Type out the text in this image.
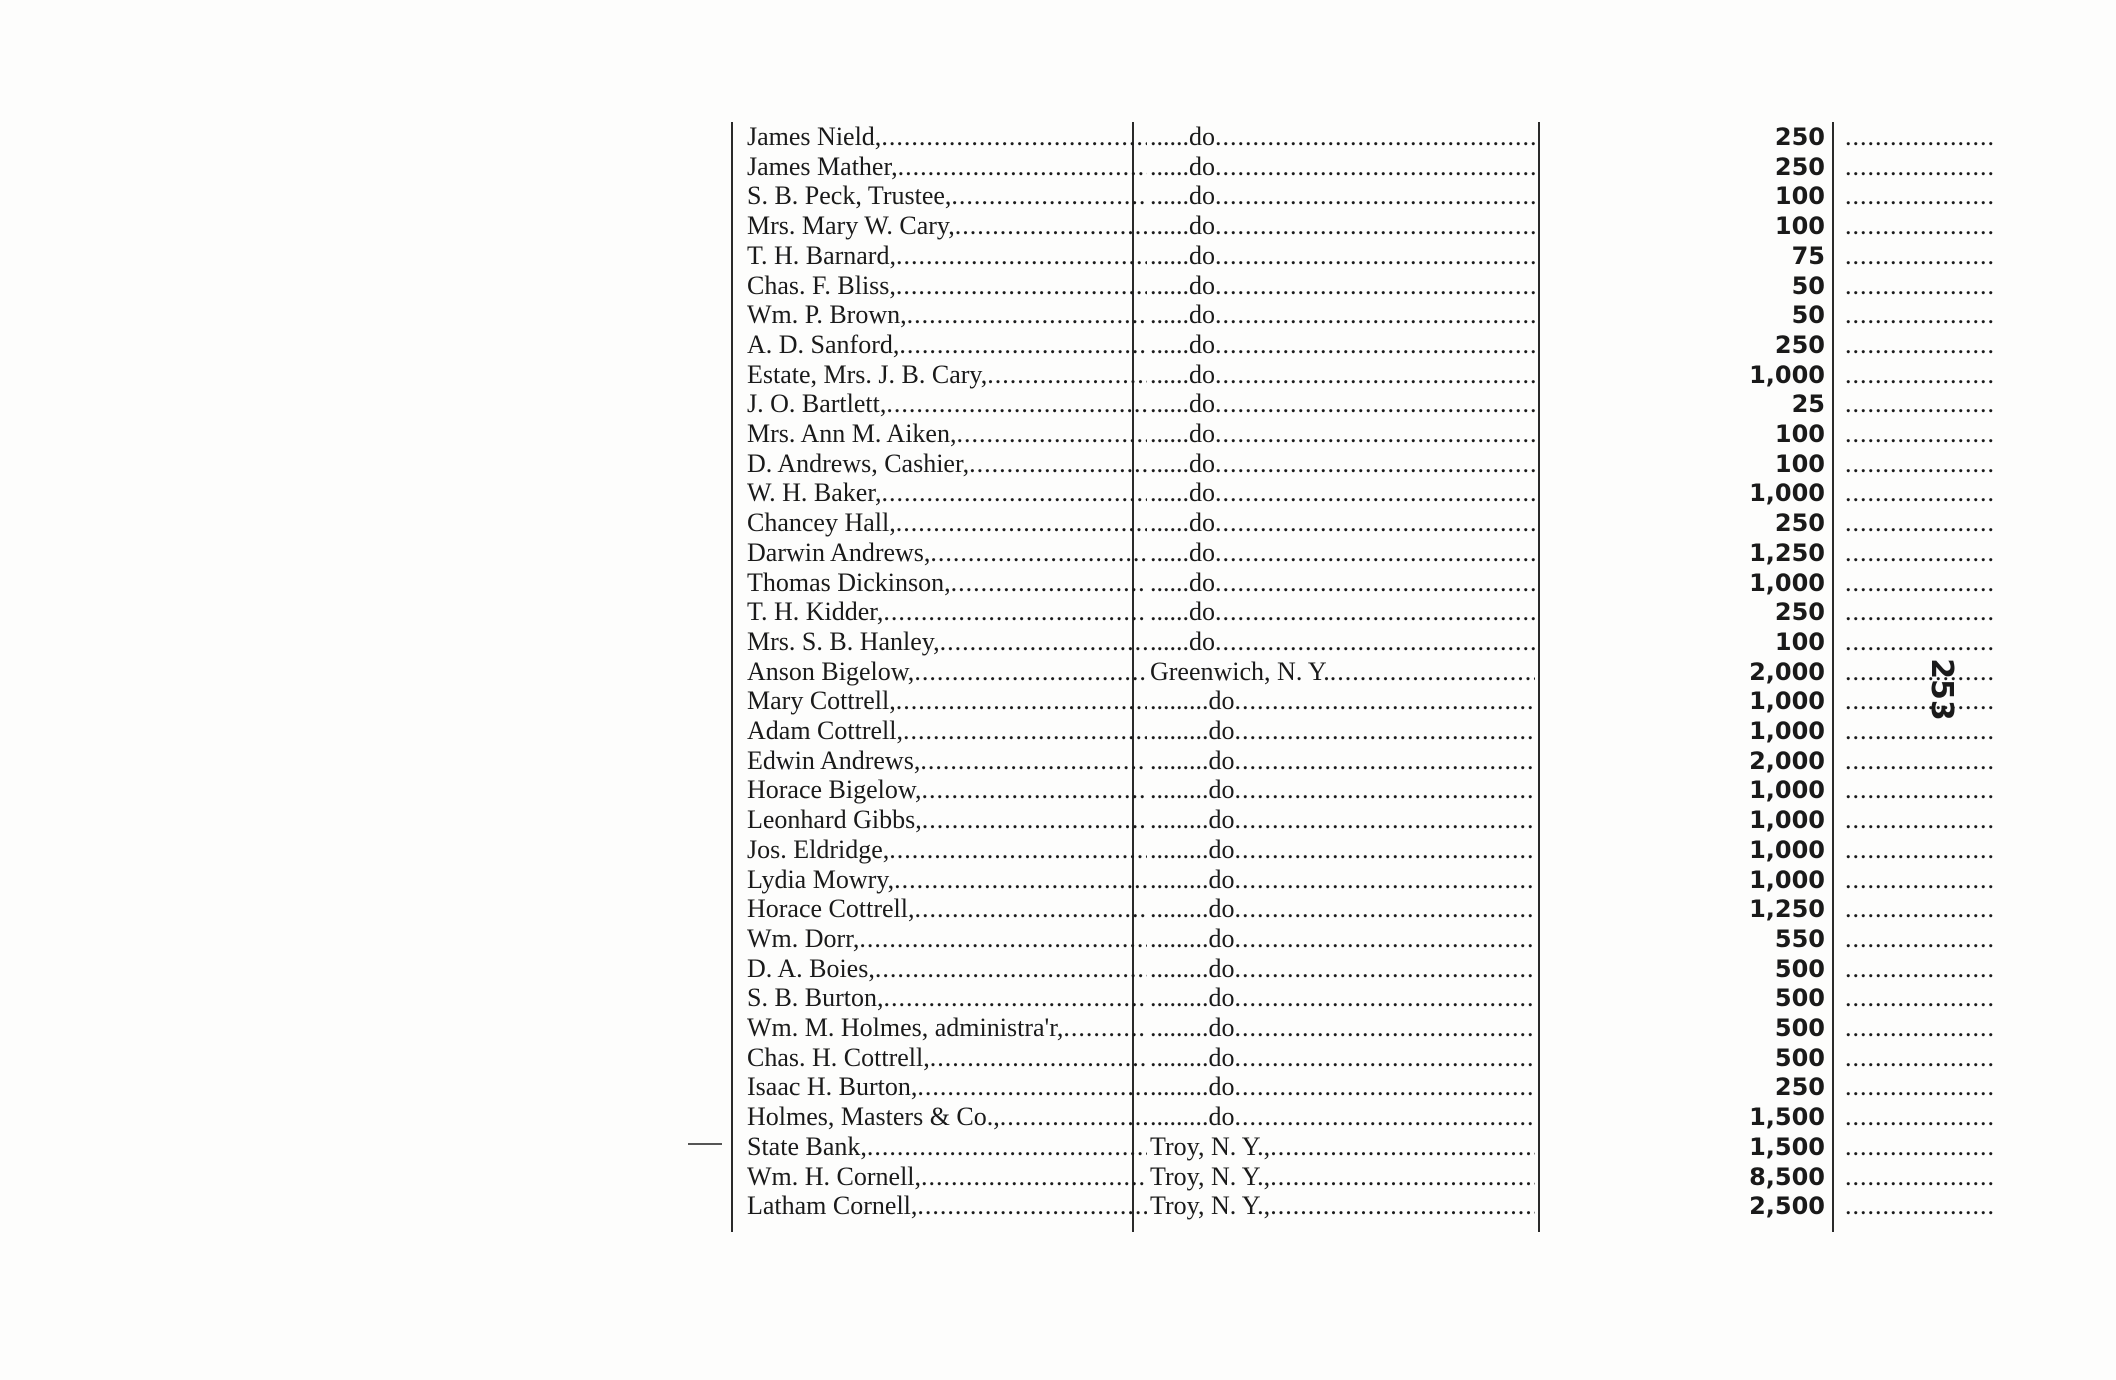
James Nield, .....	......do .....	250
.....
James Mather, .....	......do .....	250
.....
S. B. Peck, Trustee, .....	......do .....	100
.....
Mrs. Mary W. Cary, .....	......do .....	100
.....
T. H. Barnard, .....	......do .....	75
.....
Chas. F. Bliss, .....	......do .....	50
.....
Wm. P. Brown, .....	......do .....	50
.....
A. D. Sanford, .....	......do .....	250
.....
Estate, Mrs. J. B. Cary, .....	......do .....	1,000
.....
J. O. Bartlett, .....	......do .....	25
.....
Mrs. Ann M. Aiken, .....	......do .....	100
.....
D. Andrews, Cashier, .....	......do .....	100
.....
W. H. Baker, .....	......do .....	1,000
.....
Chancey Hall, .....	......do .....	250
.....
Darwin Andrews, .....	......do .....	1,250
.....
Thomas Dickinson, .....	......do .....	1,000
.....
T. H. Kidder, .....	......do .....	250
.....
Mrs. S. B. Hanley, .....	......do .....	100
.....
Anson Bigelow, .....	Greenwich, N. Y. .....	2,000
.....
Mary Cottrell, .....	.........do .....	1,000
.....
Adam Cottrell, .....	.........do .....	1,000
.....
Edwin Andrews, .....	.........do .....	2,000
.....
Horace Bigelow, .....	.........do .....	1,000
.....
Leonhard Gibbs, .....	.........do .....	1,000
.....
Jos. Eldridge, .....	.........do .....	1,000
.....
Lydia Mowry, .....	.........do .....	1,000
.....
Horace Cottrell, .....	.........do .....	1,250
.....
Wm. Dorr, .....	.........do .....	550
.....
D. A. Boies, .....	.........do .....	500
.....
S. B. Burton, .....	.........do .....	500
.....
Wm. M. Holmes, administra'r, .....	.........do .....	500
.....
Chas. H. Cottrell, .....	.........do .....	500
.....
Isaac H. Burton, .....	.........do .....	250
.....
Holmes, Masters & Co., .....	.........do .....	1,500
.....
State Bank, .....	Troy, N. Y., .....	1,500
.....
Wm. H. Cornell, .....	Troy, N. Y., .....	8,500
.....
Latham Cornell, .....	Troy, N. Y., .....	2,500
.....
253
